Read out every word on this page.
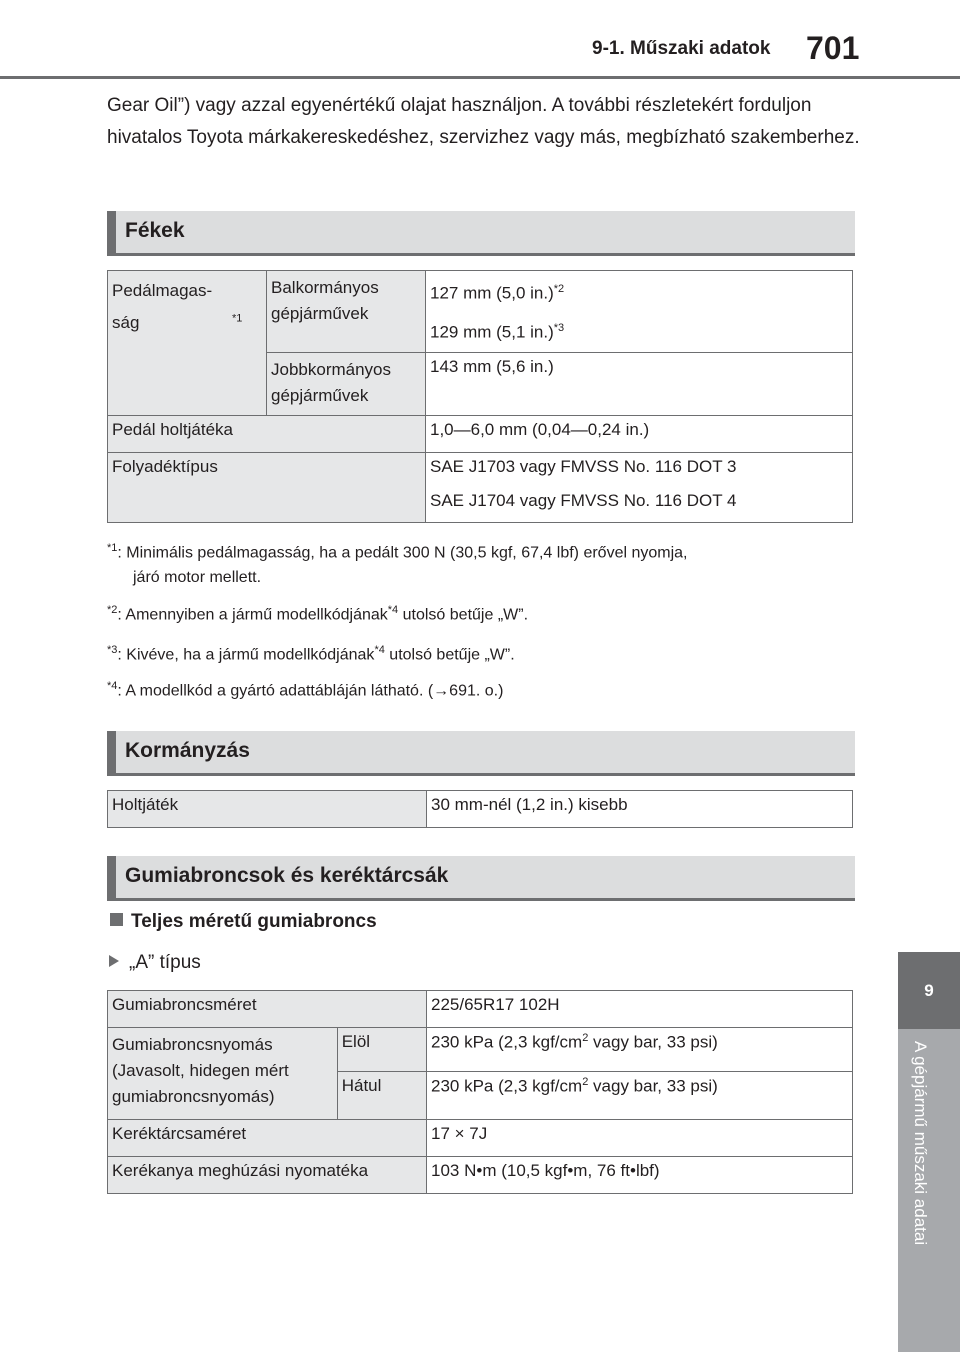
9-1. Műszaki adatok 701
9
A gépjármű műszaki adatai
Gear Oil”) vagy azzal egyenértékű olajat használjon. A további részletekért forduljon hivatalos Toyota márkakereskedéshez, szervizhez vagy más, megbízható szakemberhez.
Fékek
Pedálmagas-ság $^{*1}$	Balkormányos gépjárművek	127 mm (5,0 in.)$^{*2}$
129 mm (5,1 in.)$^{*3}$

	Jobbkormányos gépjárművek	143 mm (5,6 in.)
Pedál holtjátéka		1,0—6,0 mm (0,04—0,24 in.)
Folyadéktípus		SAE J1703 vagy FMVSS No. 116 DOT 3
SAE J1704 vagy FMVSS No. 116 DOT 4
$^{*1}$: Minimális pedálmagasság, ha a pedált 300 N (30,5 kgf, 67,4 lbf) erővel nyomja,
járó motor mellett.
$^{*2}$: Amennyiben a jármű modellkódjának$^{*4}$ utolsó betűje „W”.
$^{*3}$: Kivéve, ha a jármű modellkódjának$^{*4}$ utolsó betűje „W”.
$^{*4}$: A modellkód a gyártó adattábláján látható. (→691. o.)
Kormányzás
Holtjáték	30 mm-nél (1,2 in.) kisebb
Gumiabroncsok és keréktárcsák
Teljes méretű gumiabroncs
„A” típus
Gumiabroncsméret		225/65R17 102H
Gumiabroncsnyomás (Javasolt, hidegen mért gumiabroncsnyomás)	Elöl	230 kPa (2,3 kgf/$cm^2$ vagy bar, 33 psi)
	Hátul	230 kPa (2,3 kgf/$cm^2$ vagy bar, 33 psi)
Keréktárcsaméret		17 × 7J
Kerékanya meghúzási nyomatéka		103 N•m (10,5 kgf•m, 76 ft•lbf)
